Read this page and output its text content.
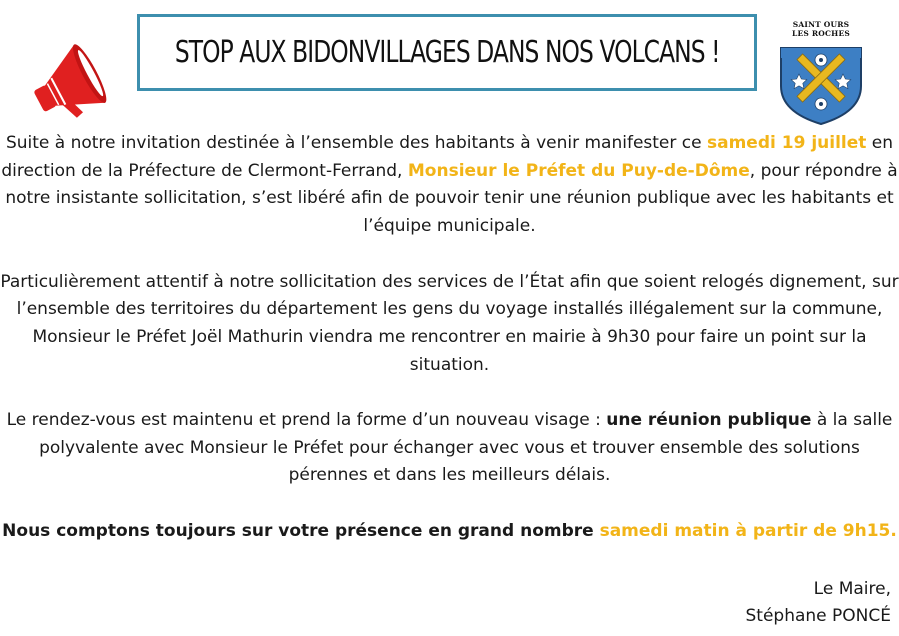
STOP AUX BIDONVILLAGES DANS NOS VOLCANS !
SAINT OURS
LES ROCHES

Suite à notre invitation destinée à l’ensemble des habitants à venir manifester ce samedi 19 juillet en direction de la Préfecture de Clermont-Ferrand, Monsieur le Préfet du Puy-de-Dôme, pour répondre à notre insistante sollicitation, s’est libéré afin de pouvoir tenir une réunion publique avec les habitants et l’équipe municipale.

Particulièrement attentif à notre sollicitation des services de l’État afin que soient relogés dignement, sur l’ensemble des territoires du département les gens du voyage installés illégalement sur la commune, Monsieur le Préfet Joël Mathurin viendra me rencontrer en mairie à 9h30 pour faire un point sur la situation.

Le rendez-vous est maintenu et prend la forme d’un nouveau visage : une réunion publique à la salle polyvalente avec Monsieur le Préfet pour échanger avec vous et trouver ensemble des solutions pérennes et dans les meilleurs délais.

Nous comptons toujours sur votre présence en grand nombre samedi matin à partir de 9h15.

Le Maire,
Stéphane PONCÉ
